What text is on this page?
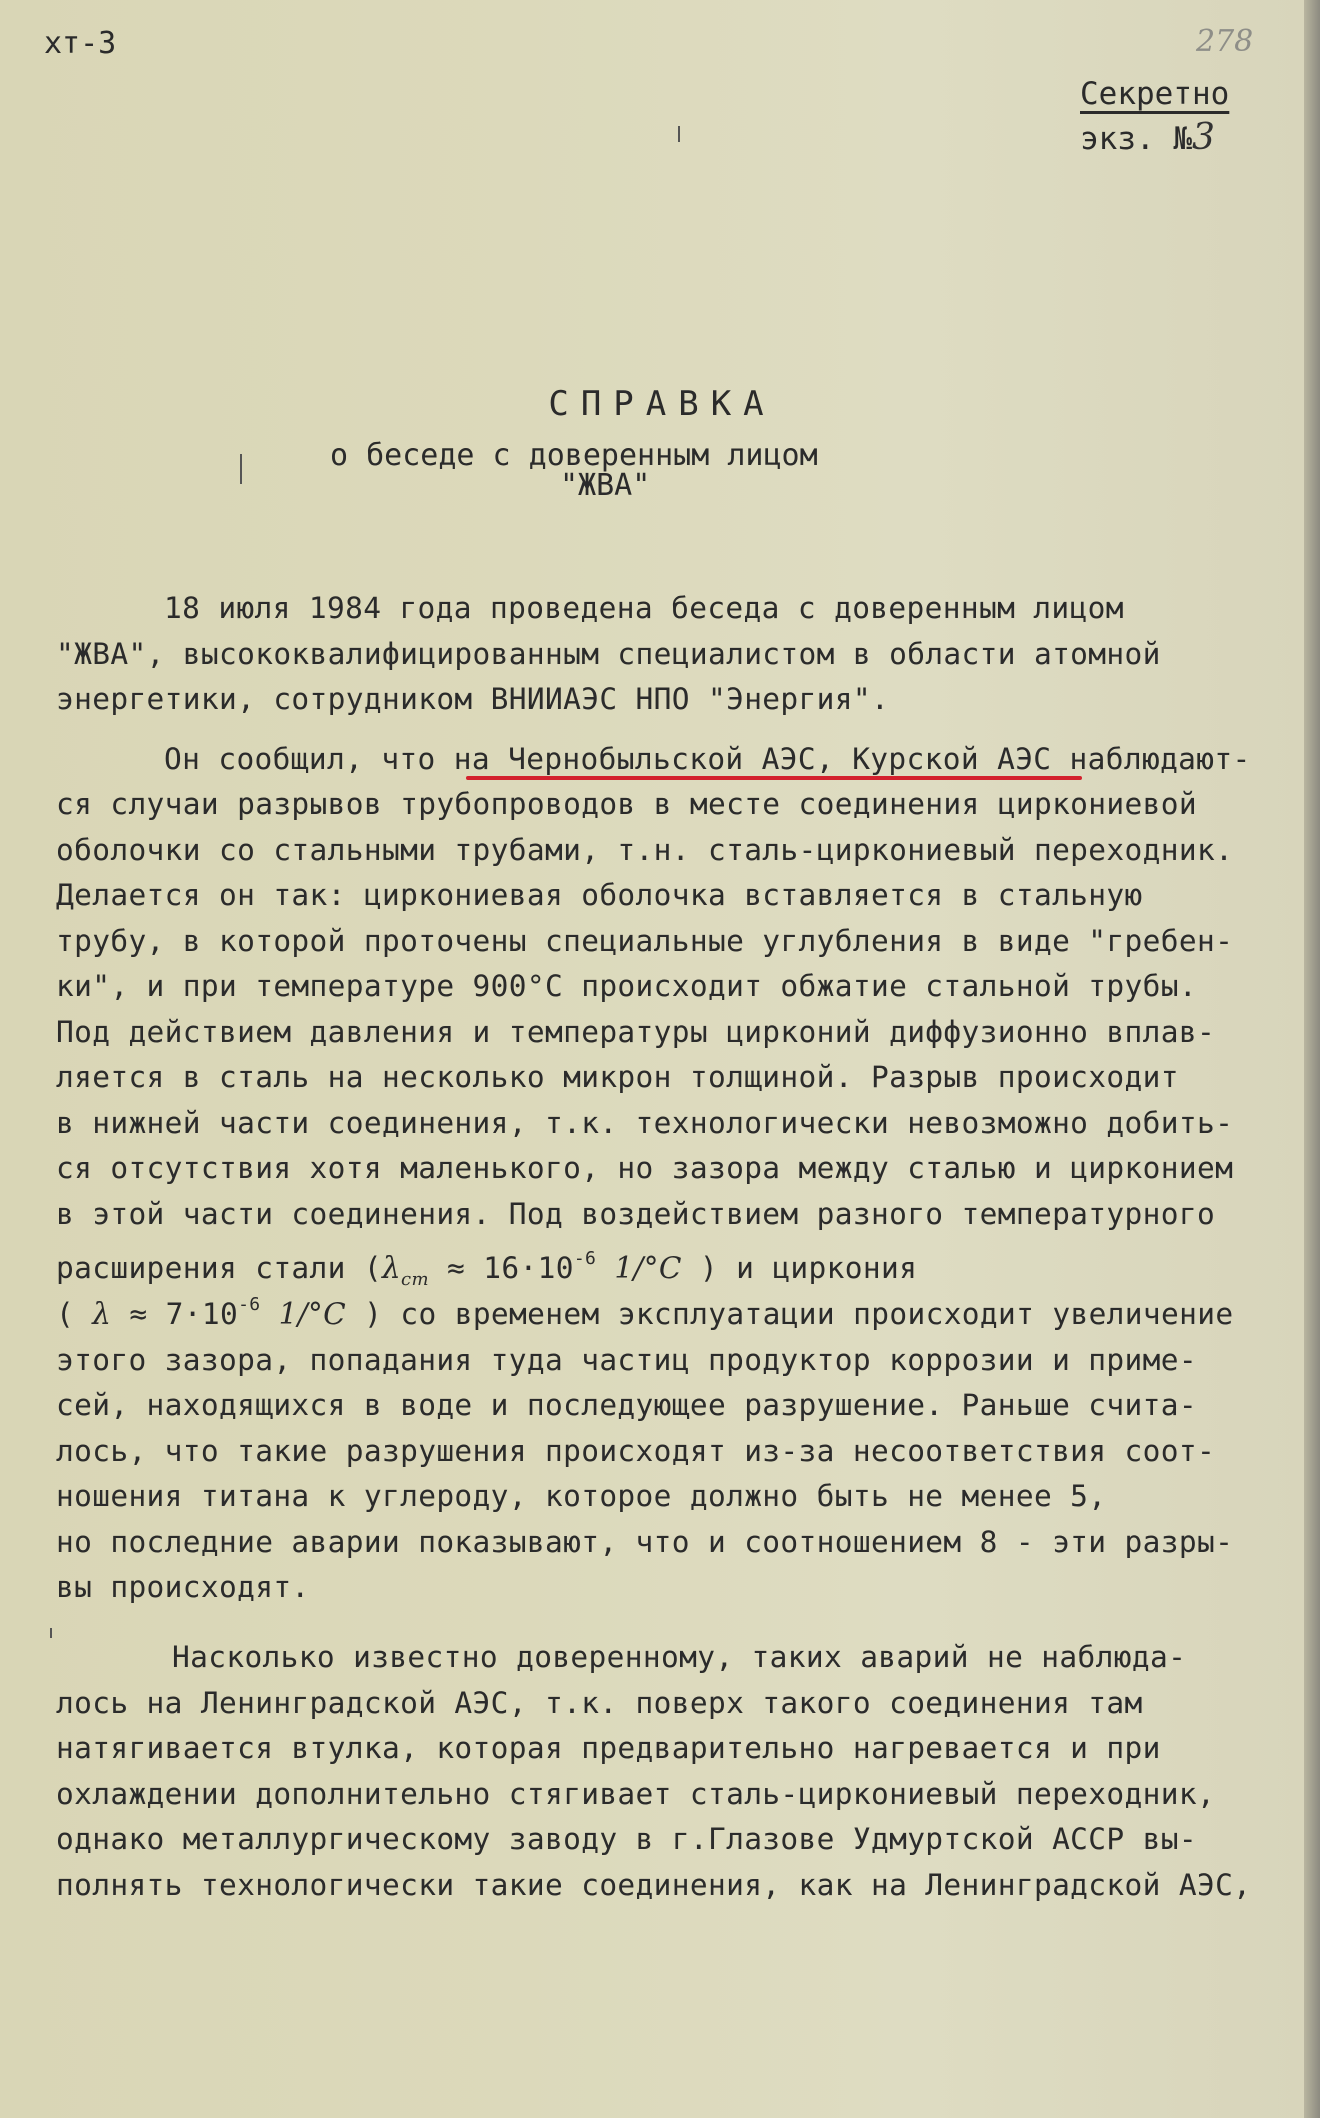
хт-3	278
Секретно
экз. №3
СПРАВКА
о беседе с доверенным лицом
"ЖВА"
18 июля 1984 года проведена беседа с доверенным лицом
"ЖВА", высококвалифицированным специалистом в области атомной
энергетики, сотрудником ВНИИАЭС НПО "Энергия".
Он сообщил, что на Чернобыльской АЭС, Курской АЭС наблюдают-
ся случаи разрывов трубопроводов в месте соединения циркониевой
оболочки со стальными трубами, т.н. сталь-циркониевый переходник.
Делается он так: циркониевая оболочка вставляется в стальную
трубу, в которой проточены специальные углубления в виде "гребен-
ки", и при температуре 900°С происходит обжатие стальной трубы.
Под действием давления и температуры цирконий диффузионно вплав-
ляется в сталь на несколько микрон толщиной. Разрыв происходит
в нижней части соединения, т.к. технологически невозможно добить-
ся отсутствия хотя маленького, но зазора между сталью и цирконием
в этой части соединения. Под воздействием разного температурного
расширения стали ($\lambda_{ст} \approx 16\cdot 10^{-6}$ 1/°С ) и циркония
( $\lambda \approx 7\cdot 10^{-6}$ 1/°С ) со временем эксплуатации происходит увеличение
этого зазора, попадания туда частиц продуктор коррозии и приме-
сей, находящихся в воде и последующее разрушение. Раньше счита-
лось, что такие разрушения происходят из-за несоответствия соот-
ношения титана к углероду, которое должно быть не менее 5,
но последние аварии показывают, что и соотношением 8 - эти разры-
вы происходят.
Насколько известно доверенному, таких аварий не наблюда-
лось на Ленинградской АЭС, т.к. поверх такого соединения там
натягивается втулка, которая предварительно нагревается и при
охлаждении дополнительно стягивает сталь-циркониевый переходник,
однако металлургическому заводу в г.Глазове Удмуртской АССР вы-
полнять технологически такие соединения, как на Ленинградской АЭС,
